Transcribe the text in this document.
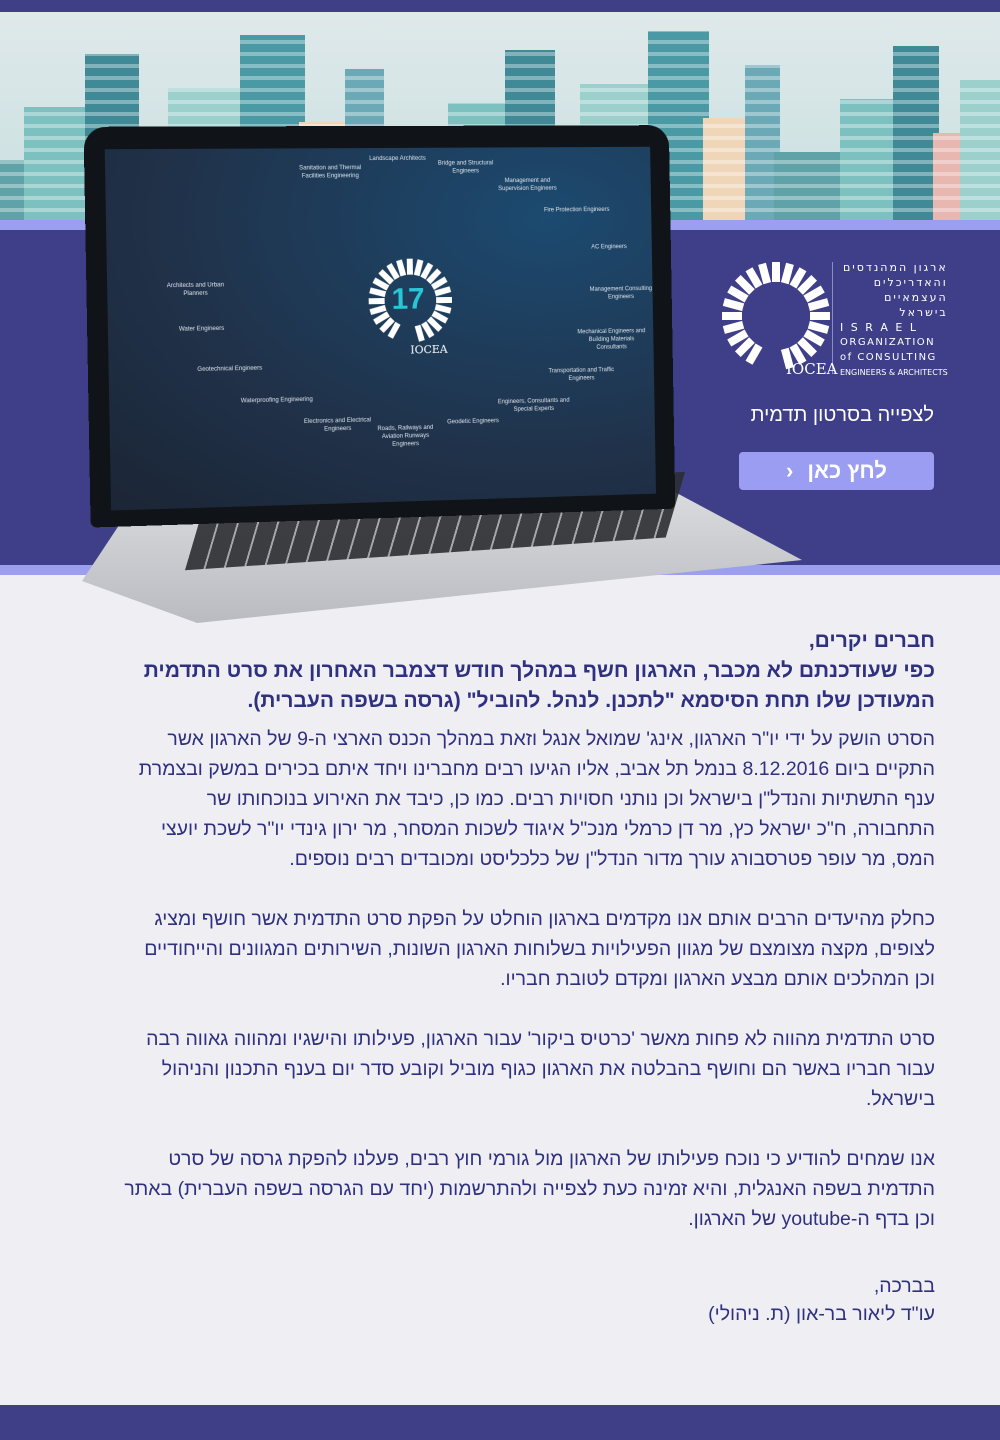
IOCEA
ארגון המהנדסים
והאדריכלים
העצמאיים
בישראל
I S R A E L
ORGANIZATION
of CONSULTING
ENGINEERS & ARCHITECTS
לצפייה בסרטון תדמית
לחץ כאן
‹
17
IOCEA
Sanitation and Thermal Facilities Engineering
Landscape Architects
Bridge and Structural Engineers
Management and Supervision Engineers
Fire Protection Engineers
AC Engineers
Management Consulting Engineers
Mechanical Engineers and Building Materials Consultants
Transportation and Traffic Engineers
Engineers, Consultants and Special Experts
Geodetic Engineers
Roads, Railways and Aviation Runways Engineers
Electronics and Electrical Engineers
Waterproofing Engineering
Geotechnical Engineers
Water Engineers
Architects and Urban Planners
חברים יקרים,
כפי שעודכנתם לא מכבר, הארגון חשף במהלך חודש דצמבר האחרון את סרט התדמית המעודכן שלו תחת הסיסמא "לתכנן. לנהל. להוביל" (גרסה בשפה העברית).

הסרט הושק על ידי יו"ר הארגון, אינג' שמואל אנגל וזאת במהלך הכנס הארצי ה-9 של הארגון אשר התקיים ביום 8.12.2016 בנמל תל אביב, אליו הגיעו רבים מחברינו ויחד איתם בכירים במשק ובצמרת ענף התשתיות והנדל"ן בישראל וכן נותני חסויות רבים. כמו כן, כיבד את האירוע בנוכחותו שר התחבורה, ח"כ ישראל כץ, מר דן כרמלי מנכ"ל איגוד לשכות המסחר, מר ירון גינדי יו"ר לשכת יועצי המס, מר עופר פטרסבורג עורך מדור הנדל"ן של כלכליסט ומכובדים רבים נוספים.

כחלק מהיעדים הרבים אותם אנו מקדמים בארגון הוחלט על הפקת סרט התדמית אשר חושף ומציג לצופים, מקצה מצומצם של מגוון הפעילויות בשלוחות הארגון השונות, השירותים המגוונים והייחודיים וכן המהלכים אותם מבצע הארגון ומקדם לטובת חבריו.

סרט התדמית מהווה לא פחות מאשר 'כרטיס ביקור' עבור הארגון, פעילותו והישגיו ומהווה גאווה רבה עבור חבריו באשר הם וחושף בהבלטה את הארגון כגוף מוביל וקובע סדר יום בענף התכנון והניהול בישראל.

אנו שמחים להודיע כי נוכח פעילותו של הארגון מול גורמי חוץ רבים, פעלנו להפקת גרסה של סרט התדמית בשפה האנגלית, והיא זמינה כעת לצפייה ולהתרשמות (יחד עם הגרסה בשפה העברית) באתר וכן בדף ה-youtube של הארגון.

בברכה,

עו"ד ליאור בר-און (ת. ניהולי)
